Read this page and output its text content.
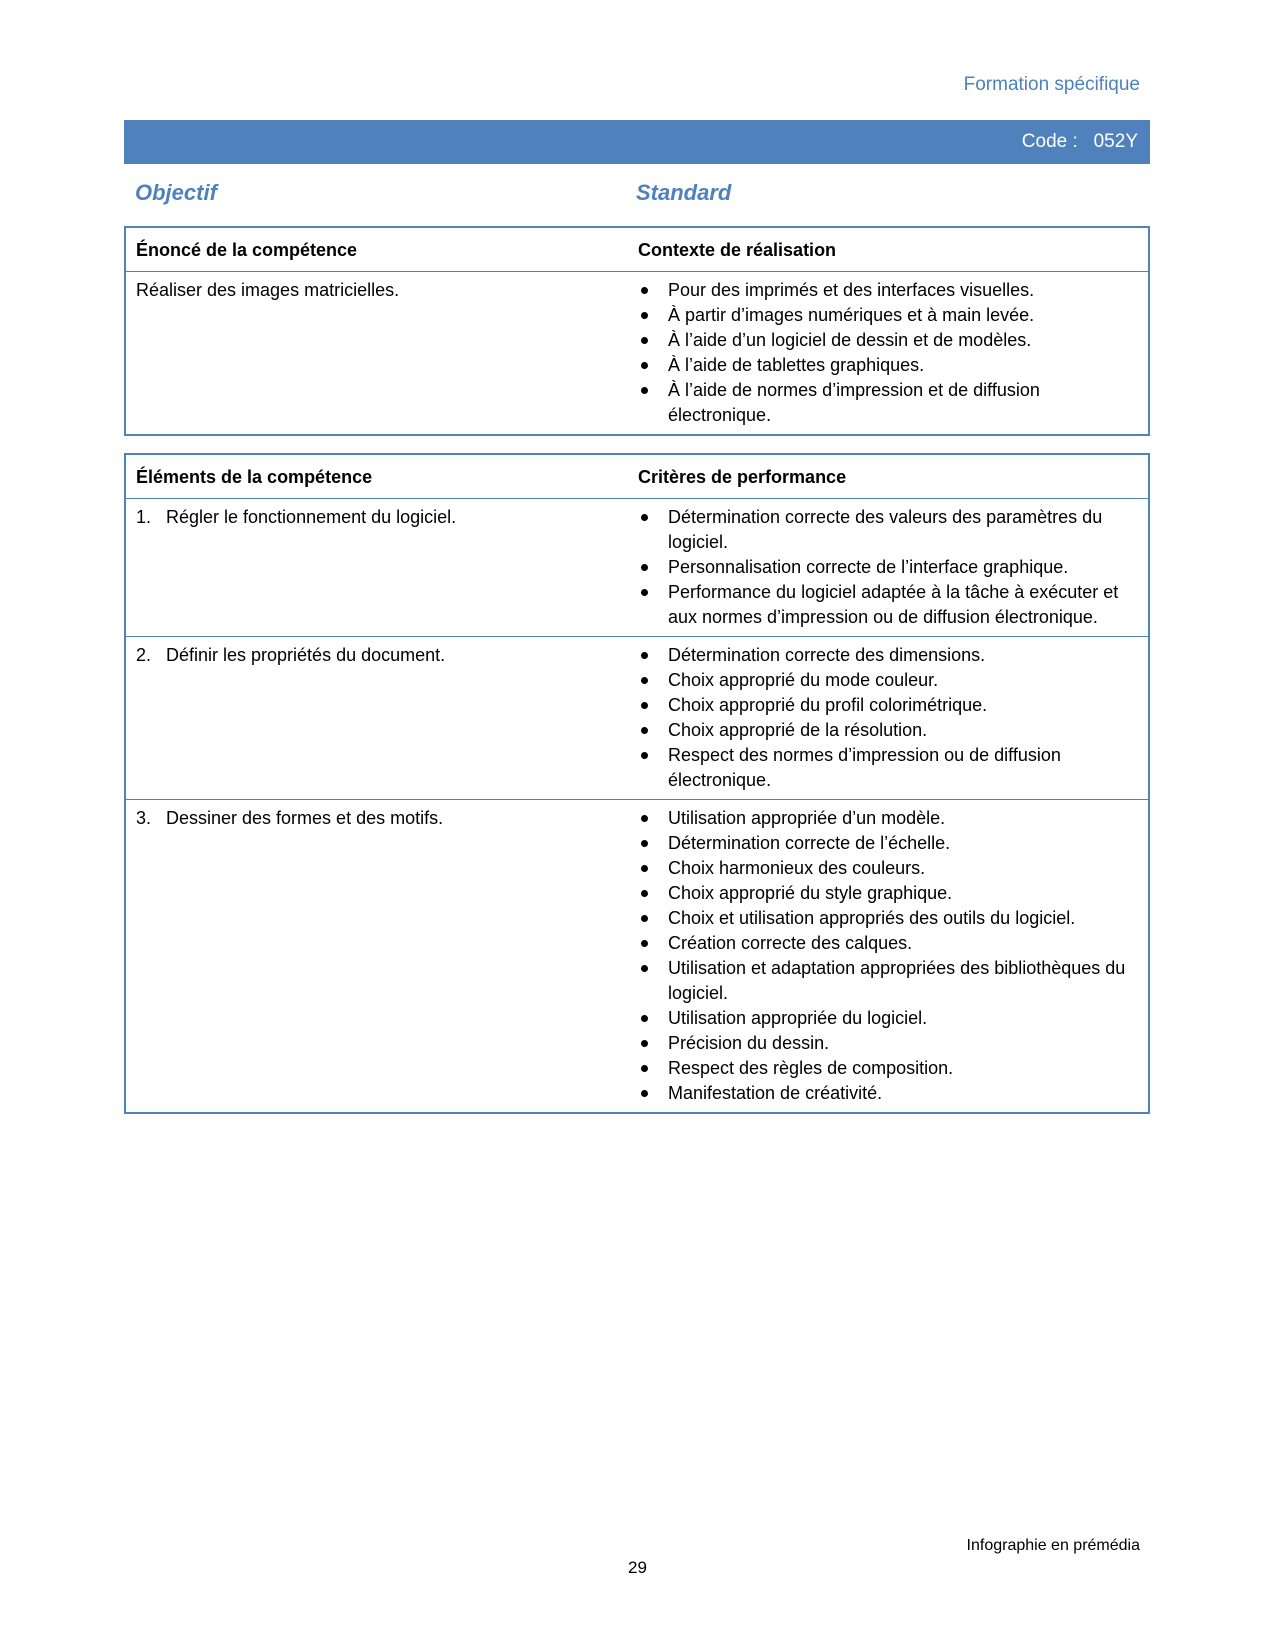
Formation spécifique
Code :   052Y
Objectif	Standard
Énoncé de la compétence	Contexte de réalisation
Réaliser des images matricielles.	Pour des imprimés et des interfaces visuelles.
À partir d’images numériques et à main levée.
À l’aide d’un logiciel de dessin et de modèles.
À l’aide de tablettes graphiques.
À l’aide de normes d’impression et de diffusion électronique.
Éléments de la compétence	Critères de performance
1. Régler le fonctionnement du logiciel.	Détermination correcte des valeurs des paramètres du logiciel.
Personnalisation correcte de l’interface graphique.
Performance du logiciel adaptée à la tâche à exécuter et aux normes d’impression ou de diffusion électronique.
2. Définir les propriétés du document.	Détermination correcte des dimensions.
Choix approprié du mode couleur.
Choix approprié du profil colorimétrique.
Choix approprié de la résolution.
Respect des normes d’impression ou de diffusion électronique.
3. Dessiner des formes et des motifs.	Utilisation appropriée d’un modèle.
Détermination correcte de l’échelle.
Choix harmonieux des couleurs.
Choix approprié du style graphique.
Choix et utilisation appropriés des outils du logiciel.
Création correcte des calques.
Utilisation et adaptation appropriées des bibliothèques du logiciel.
Utilisation appropriée du logiciel.
Précision du dessin.
Respect des règles de composition.
Manifestation de créativité.
Infographie en prémédia
29
